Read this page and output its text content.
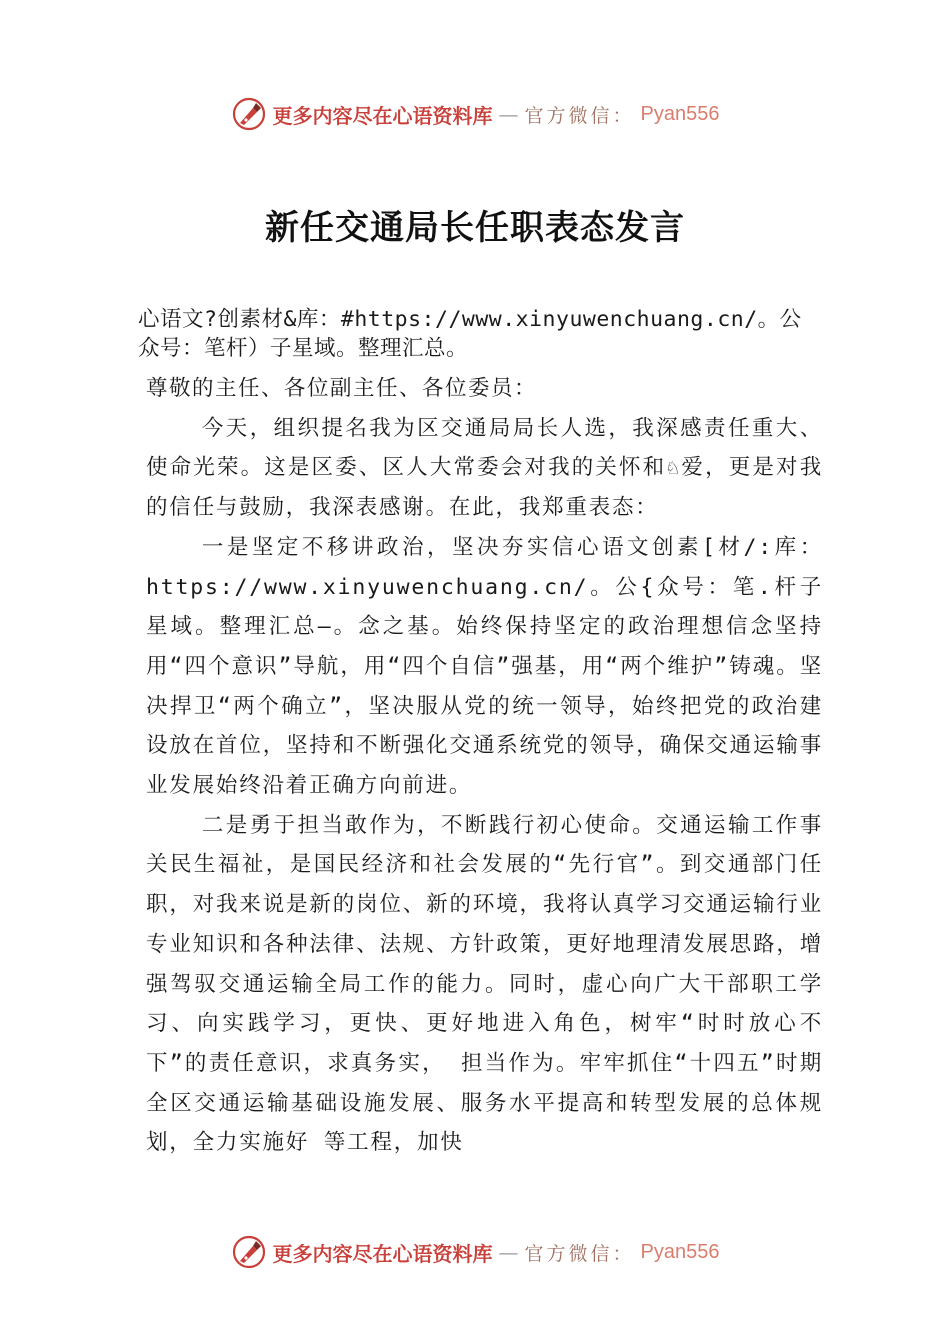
更多内容尽在心语资料库 — 官方微信： Pyan556
新任交通局长任职表态发言

心语文?创素材&库：#https://www.xinyuwenchuang.cn/。公众号：笔杆）子星域。整理汇总。

尊敬的主任、各位副主任、各位委员：

今天，组织提名我为区交通局局长人选，我深感责任重大、使命光荣。这是区委、区人大常委会对我的关怀和♘爱，更是对我的信任与鼓励，我深表感谢。在此，我郑重表态：

一是坚定不移讲政治，坚决夯实信心语文创素[材/:库：https://www.xinyuwenchuang.cn/。公{众号：笔.杆子星域。整理汇总—。念之基。始终保持坚定的政治理想信念坚持用“四个意识”导航，用“四个自信”强基，用“两个维护”铸魂。坚决捍卫“两个确立”，坚决服从党的统一领导，始终把党的政治建设放在首位，坚持和不断强化交通系统党的领导，确保交通运输事业发展始终沿着正确方向前进。

二是勇于担当敢作为，不断践行初心使命。交通运输工作事关民生福祉，是国民经济和社会发展的“先行官”。到交通部门任职，对我来说是新的岗位、新的环境，我将认真学习交通运输行业专业知识和各种法律、法规、方针政策，更好地理清发展思路，增强驾驭交通运输全局工作的能力。同时，虚心向广大干部职工学习、向实践学习，更快、更好地进入角色，树牢“时时放心不下”的责任意识，求真务实， 担当作为。牢牢抓住“十四五”时期全区交通运输基础设施发展、服务水平提高和转型发展的总体规划，全力实施好 等工程，加快

更多内容尽在心语资料库 — 官方微信： Pyan556
